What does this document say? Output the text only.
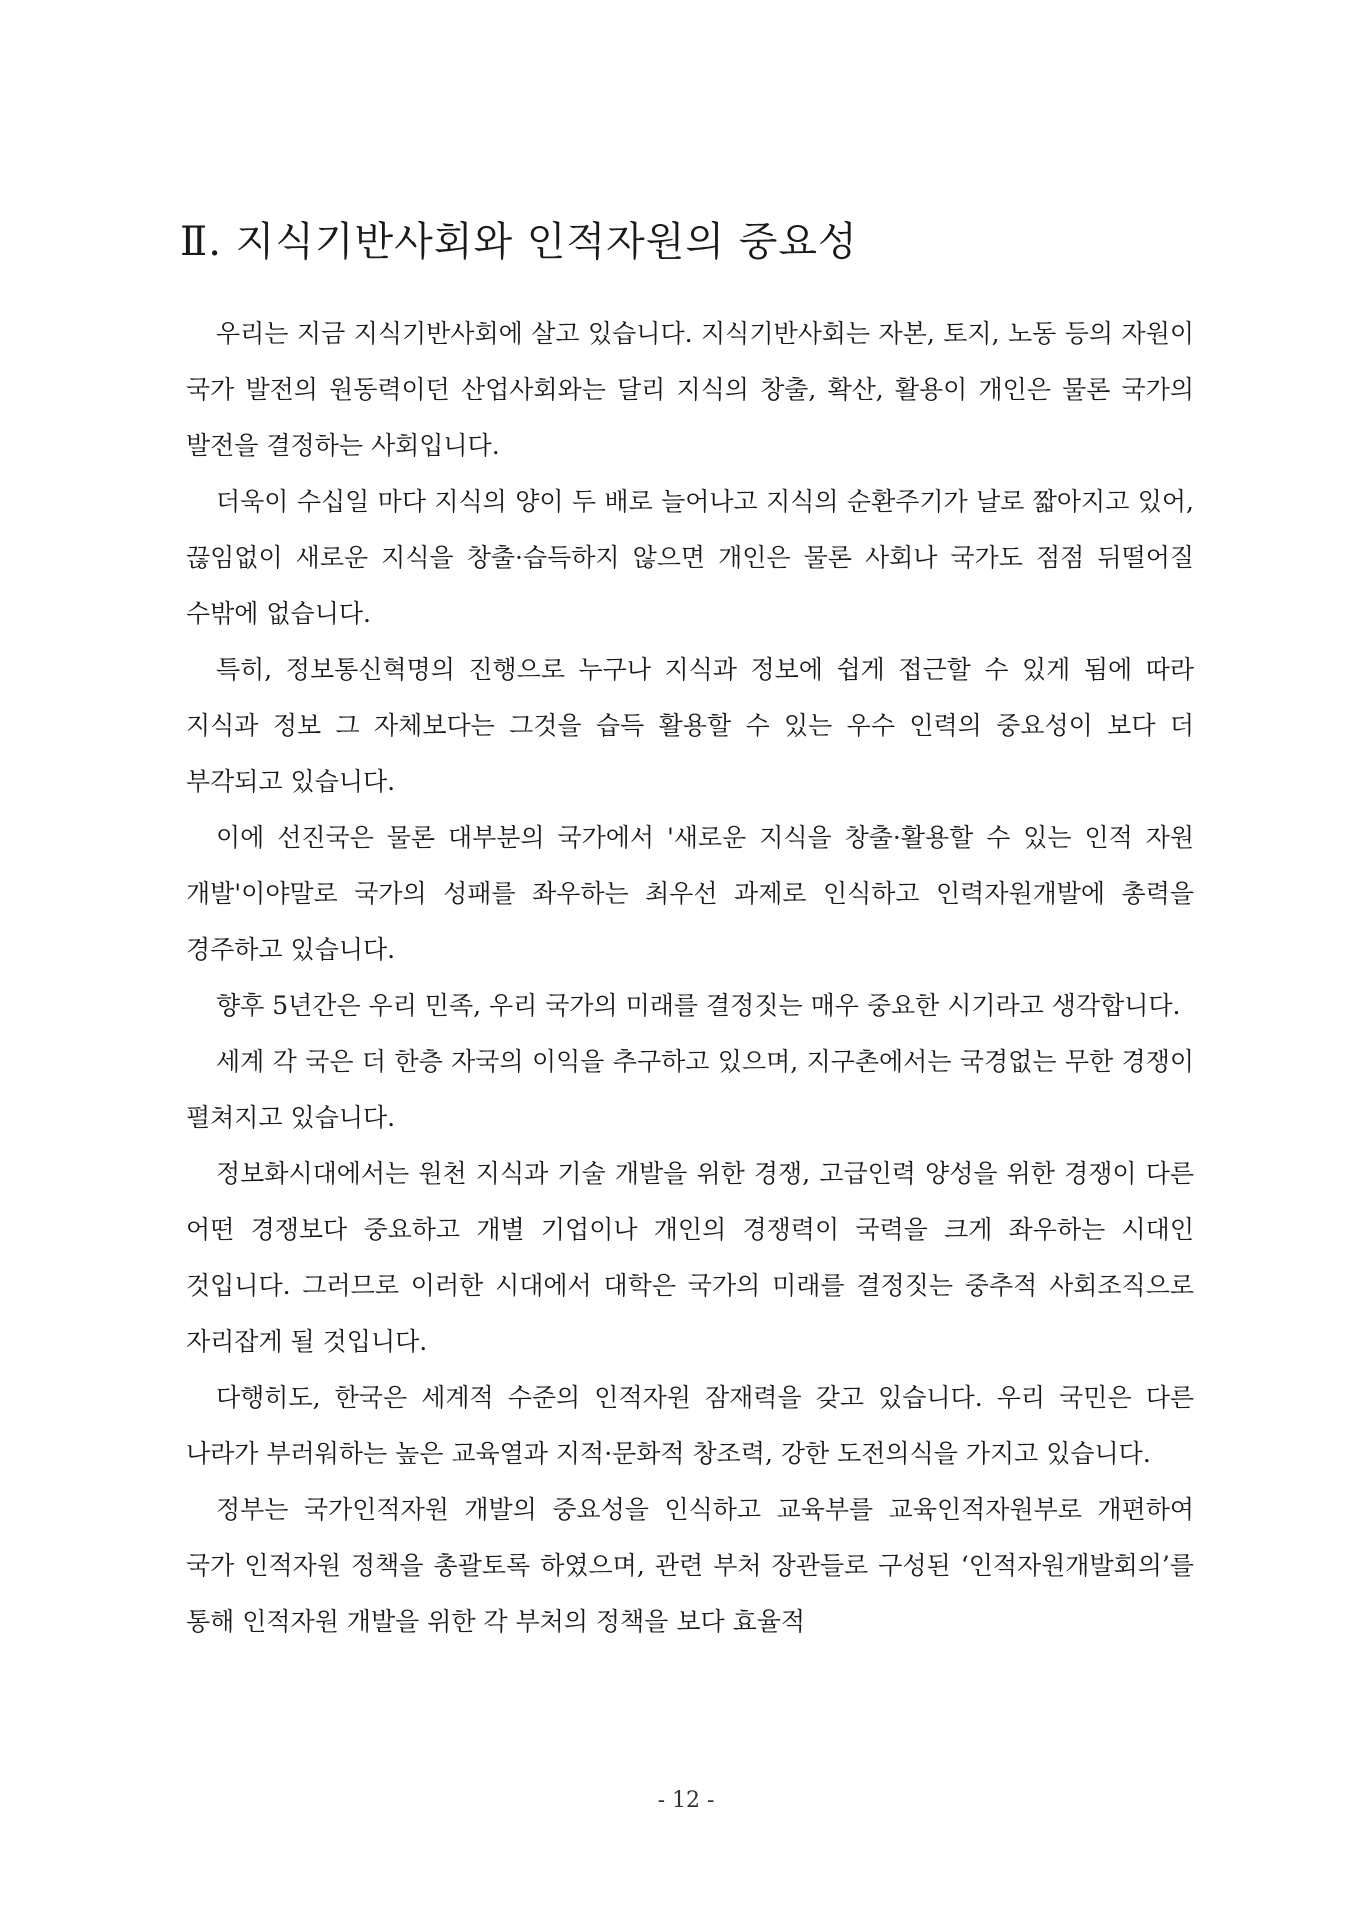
Ⅱ. 지식기반사회와 인적자원의 중요성

우리는 지금 지식기반사회에 살고 있습니다. 지식기반사회는 자본, 토지, 노동 등의 자원이 국가 발전의 원동력이던 산업사회와는 달리 지식의 창출, 확산, 활용이 개인은 물론 국가의 발전을 결정하는 사회입니다.

더욱이 수십일 마다 지식의 양이 두 배로 늘어나고 지식의 순환주기가 날로 짧아지고 있어, 끊임없이 새로운 지식을 창출·습득하지 않으면 개인은 물론 사회나 국가도 점점 뒤떨어질 수밖에 없습니다.

특히, 정보통신혁명의 진행으로 누구나 지식과 정보에 쉽게 접근할 수 있게 됨에 따라 지식과 정보 그 자체보다는 그것을 습득 활용할 수 있는 우수 인력의 중요성이 보다 더 부각되고 있습니다.

이에 선진국은 물론 대부분의 국가에서 '새로운 지식을 창출·활용할 수 있는 인적 자원 개발'이야말로 국가의 성패를 좌우하는 최우선 과제로 인식하고 인력자원개발에 총력을 경주하고 있습니다.

향후 5년간은 우리 민족, 우리 국가의 미래를 결정짓는 매우 중요한 시기라고 생각합니다.

세계 각 국은 더 한층 자국의 이익을 추구하고 있으며, 지구촌에서는 국경없는 무한 경쟁이 펼쳐지고 있습니다.

정보화시대에서는 원천 지식과 기술 개발을 위한 경쟁, 고급인력 양성을 위한 경쟁이 다른 어떤 경쟁보다 중요하고 개별 기업이나 개인의 경쟁력이 국력을 크게 좌우하는 시대인 것입니다. 그러므로 이러한 시대에서 대학은 국가의 미래를 결정짓는 중추적 사회조직으로 자리잡게 될 것입니다.

다행히도, 한국은 세계적 수준의 인적자원 잠재력을 갖고 있습니다. 우리 국민은 다른 나라가 부러워하는 높은 교육열과 지적·문화적 창조력, 강한 도전의식을 가지고 있습니다.

정부는 국가인적자원 개발의 중요성을 인식하고 교육부를 교육인적자원부로 개편하여 국가 인적자원 정책을 총괄토록 하였으며, 관련 부처 장관들로 구성된 ‘인적자원개발회의’를 통해 인적자원 개발을 위한 각 부처의 정책을 보다 효율적

- 12 -
